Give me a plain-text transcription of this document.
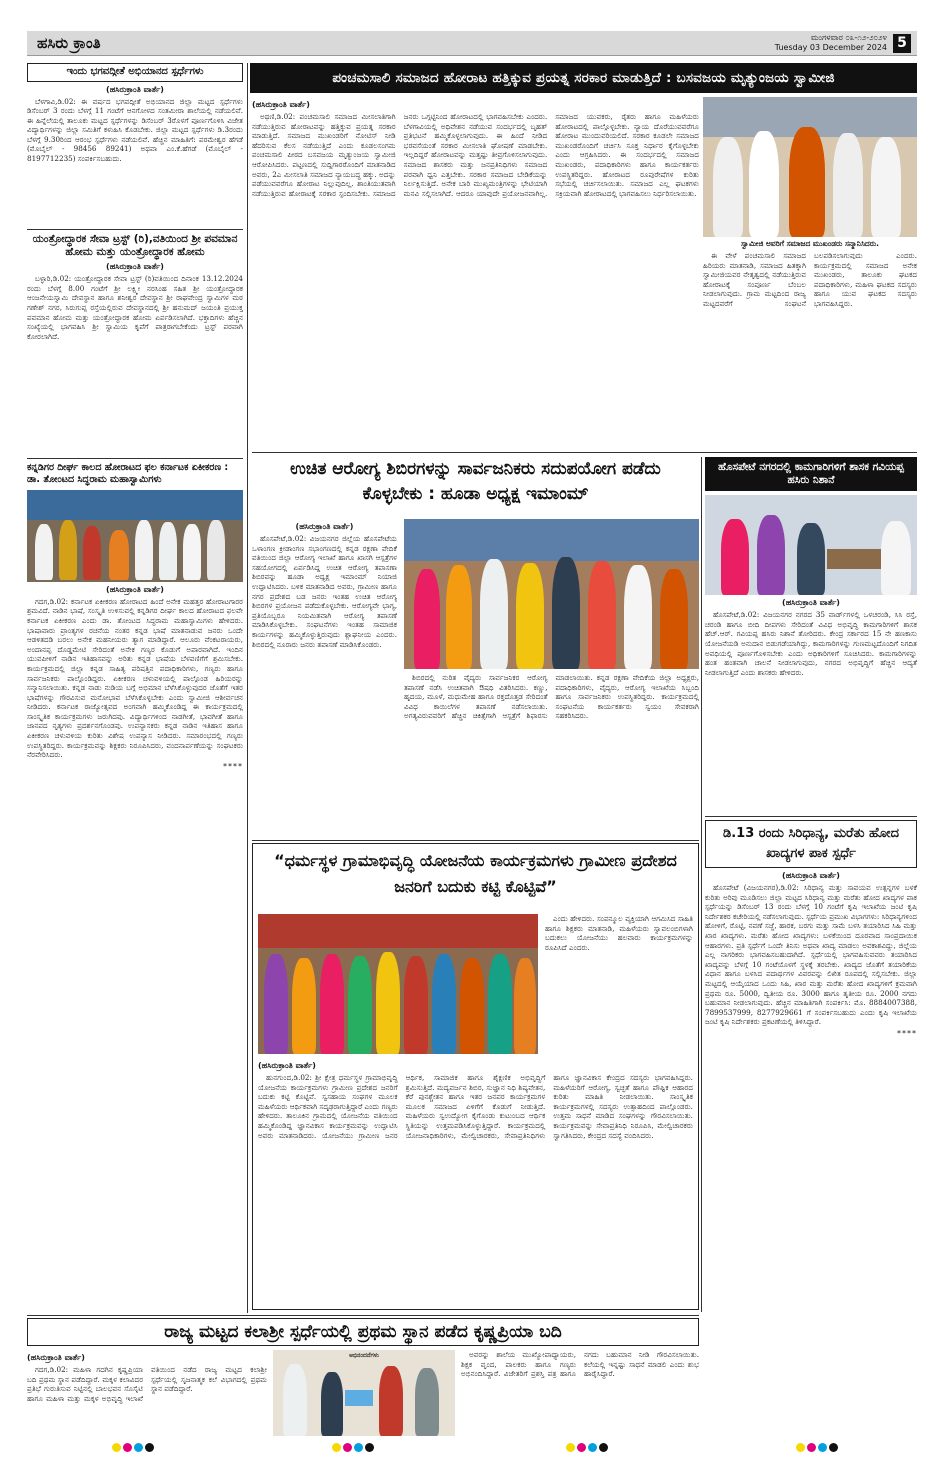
ಹಸಿರು ಕ್ರಾಂತಿ	ಮಂಗಳವಾರ ೦೩-೧೨-೨೦೨೪
Tuesday 03 December 2024 5
ಇಂದು ಭಗವದ್ಗೀತೆ ಅಭಿಯಾನದ ಸ್ಪರ್ಧೆಗಳು
(ಹಸಿರುಕ್ರಾಂತಿ ವಾರ್ತೆ)

ಬೆಳಗಾವಿ,ಡಿ.02: ಈ ವರ್ಷದ ಭಗವದ್ಗೀತೆ ಅಭಿಯಾನದ ಜಿಲ್ಲಾ ಮಟ್ಟದ ಸ್ಪರ್ಧೆಗಳು ಡಿಸೆಂಬರ್ 3 ರಂದು ಬೆಳಗ್ಗೆ 11 ಗಂಟೆಗೆ ಆನಗೋಳದ ಸಂತಮೀರಾ ಶಾಲೆಯಲ್ಲಿ ನಡೆಯಲಿವೆ. ಈ ಹಿನ್ನೆಲೆಯಲ್ಲಿ ತಾಲೂಕು ಮಟ್ಟದ ಸ್ಪರ್ಧೆಗಳನ್ನು ಡಿಸೆಂಬರ್ 3ರೊಳಗೆ ಪೂರ್ಣಗೊಳಿಸಿ ವಿಜೇತ ವಿದ್ಯಾರ್ಥಿಗಳನ್ನು ಜಿಲ್ಲಾ ಸಮಿತಿಗೆ ಕಳುಹಿಸಿ ಕೊಡಬೇಕು. ಜಿಲ್ಲಾ ಮಟ್ಟದ ಸ್ಪರ್ಧೆಗಳು ಡಿ.3ರಂದು ಬೆಳಗ್ಗೆ 9.30ರಿಂದ ಆರಂಭ ಸ್ಪರ್ಧೆಗಳು ನಡೆಯಲಿವೆ. ಹೆಚ್ಚಿನ ಮಾಹಿತಿಗೆ: ಪರಮೇಶ್ವರ ಹೆಗಡೆ (ಮೊಬೈಲ್ - 98456 89241) ಅಥವಾ ಎಂ.ಕೆ.ಹೆಗಡೆ (ಮೊಬೈಲ್ - 8197712235) ಸಂಪರ್ಕಿಸಬಹುದು.

ಯಂತ್ರೋದ್ಧಾರಕ ಸೇವಾ ಟ್ರಸ್ಟ್ (ರಿ),ವತಿಯಿಂದ ಶ್ರೀ ಪವಮಾನ ಹೋಮ ಮತ್ತು ಯಂತ್ರೋದ್ಧಾರಕ ಹೋಮ
(ಹಸಿರುಕ್ರಾಂತಿ ವಾರ್ತೆ)

ಬಳ್ಳಾರಿ,ಡಿ.02: ಯಂತ್ರೋದ್ಧಾರಕ ಸೇವಾ ಟ್ರಸ್ಟ್ (ರಿ)ವತಿಯಿಂದ ದಿನಾಂಕ 13.12.2024 ರಂದು ಬೆಳಗ್ಗೆ 8.00 ಗಂಟೆಗೆ ಶ್ರೀ ಲಕ್ಷ್ಮೀ ನರಸಿಂಹ ಸಹಿತ ಶ್ರೀ ಯಂತ್ರೋದ್ಧಾರಕ ಆಂಜನೇಯಸ್ವಾಮಿ ದೇವಸ್ಥಾನ ಹಾಗೂ ಶನೀಶ್ವರ ದೇವಸ್ಥಾನ ಶ್ರೀ ರಾಘವೇಂದ್ರ ಸ್ವಾಮಿಗಳ ಮಠ ಗಣೇಶ್ ನಗರ, ಸಿರುಗುಪ್ಪ ರಸ್ತೆಯಲ್ಲಿರುವ ದೇವಸ್ಥಾನದಲ್ಲಿ ಶ್ರೀ ಹನುಮದ್ ಜಯಂತಿ ಪ್ರಯುಕ್ತ ಪವಮಾನ ಹೋಮ ಮತ್ತು ಯಂತ್ರೋದ್ಧಾರಕ ಹೋಮ ಏರ್ಪಡಿಸಲಾಗಿದೆ. ಭಕ್ತಾದಿಗಳು ಹೆಚ್ಚಿನ ಸಂಖ್ಯೆಯಲ್ಲಿ ಭಾಗವಹಿಸಿ ಶ್ರೀ ಸ್ವಾಮಿಯ ಕೃಪೆಗೆ ಪಾತ್ರರಾಗಬೇಕೆಂದು ಟ್ರಸ್ಟ್ ಪರವಾಗಿ ಕೋರಲಾಗಿದೆ.

ಕನ್ನಡಿಗರ ದೀರ್ಘ ಕಾಲದ ಹೋರಾಟದ ಫಲ ಕರ್ನಾಟಕ ಏಕೀಕರಣ : ಡಾ. ತೋಂಟದ ಸಿದ್ಧರಾಮ ಮಹಾಸ್ವಾಮಿಗಳು
(ಹಸಿರುಕ್ರಾಂತಿ ವಾರ್ತೆ)

ಗದಗ,ಡಿ.02: ಕರ್ನಾಟಕ ಏಕೀಕರಣ ಹೋರಾಟದ ಹಿಂದೆ ಅನೇಕ ಮಹತ್ತರ ಹೋರಾಟಗಾರರ ಶ್ರಮವಿದೆ. ನಾಡಿನ ಭಾಷೆ, ಸಂಸ್ಕೃತಿ ಉಳಿಸುವಲ್ಲಿ ಕನ್ನಡಿಗರ ದೀರ್ಘ ಕಾಲದ ಹೋರಾಟದ ಫಲವೇ ಕರ್ನಾಟಕ ಏಕೀಕರಣ ಎಂದು ಡಾ. ತೋಂಟದ ಸಿದ್ಧರಾಮ ಮಹಾಸ್ವಾಮಿಗಳು ಹೇಳಿದರು. ಭಾಷಾವಾರು ಪ್ರಾಂತ್ಯಗಳ ರಚನೆಯ ನಂತರ ಕನ್ನಡ ಭಾಷೆ ಮಾತನಾಡುವ ಜನರು ಒಂದೇ ಆಡಳಿತದಡಿ ಬರಲು ಅನೇಕ ಮಹನೀಯರು ತ್ಯಾಗ ಮಾಡಿದ್ದಾರೆ. ಆಲೂರು ವೆಂಕಟರಾಯರು, ಅಂದಾನಪ್ಪ ದೊಡ್ಡಮೇಟಿ ಸೇರಿದಂತೆ ಅನೇಕ ಗಣ್ಯರ ಕೊಡುಗೆ ಅಪಾರವಾಗಿದೆ. ಇಂದಿನ ಯುವಪೀಳಿಗೆ ನಾಡಿನ ಇತಿಹಾಸವನ್ನು ಅರಿತು ಕನ್ನಡ ಭಾಷೆಯ ಬೆಳವಣಿಗೆಗೆ ಶ್ರಮಿಸಬೇಕು. ಕಾರ್ಯಕ್ರಮದಲ್ಲಿ ಜಿಲ್ಲಾ ಕನ್ನಡ ಸಾಹಿತ್ಯ ಪರಿಷತ್ತಿನ ಪದಾಧಿಕಾರಿಗಳು, ಗಣ್ಯರು ಹಾಗೂ ಸಾರ್ವಜನಿಕರು ಪಾಲ್ಗೊಂಡಿದ್ದರು. ಏಕೀಕರಣ ಚಳುವಳಿಯಲ್ಲಿ ಪಾಲ್ಗೊಂಡ ಹಿರಿಯರನ್ನು ಸನ್ಮಾನಿಸಲಾಯಿತು. ಕನ್ನಡ ನಾಡು ನುಡಿಯ ಬಗ್ಗೆ ಅಭಿಮಾನ ಬೆಳೆಸಿಕೊಳ್ಳುವುದರ ಜೊತೆಗೆ ಇತರ ಭಾಷೆಗಳನ್ನು ಗೌರವಿಸುವ ಮನೋಭಾವ ಬೆಳೆಸಿಕೊಳ್ಳಬೇಕು ಎಂದು ಸ್ವಾಮೀಜಿ ಆಶೀರ್ವಚನ ನೀಡಿದರು. ಕರ್ನಾಟಕ ರಾಜ್ಯೋತ್ಸವದ ಅಂಗವಾಗಿ ಹಮ್ಮಿಕೊಂಡಿದ್ದ ಈ ಕಾರ್ಯಕ್ರಮದಲ್ಲಿ ಸಾಂಸ್ಕೃತಿಕ ಕಾರ್ಯಕ್ರಮಗಳು ಜರುಗಿದವು. ವಿದ್ಯಾರ್ಥಿಗಳಿಂದ ನಾಡಗೀತೆ, ಭಾವಗೀತೆ ಹಾಗೂ ಜಾನಪದ ನೃತ್ಯಗಳು ಪ್ರದರ್ಶನಗೊಂಡವು. ಉಪನ್ಯಾಸಕರು ಕನ್ನಡ ನಾಡಿನ ಇತಿಹಾಸ ಹಾಗೂ ಏಕೀಕರಣ ಚಳುವಳಿಯ ಕುರಿತು ವಿಶೇಷ ಉಪನ್ಯಾಸ ನೀಡಿದರು. ಸಮಾರಂಭದಲ್ಲಿ ಗಣ್ಯರು ಉಪಸ್ಥಿತರಿದ್ದರು. ಕಾರ್ಯಕ್ರಮವನ್ನು ಶಿಕ್ಷಕರು ನಿರೂಪಿಸಿದರು, ವಂದನಾರ್ಪಣೆಯನ್ನು ಸಂಘಟಕರು ನೆರವೇರಿಸಿದರು.

****
ಪಂಚಮಸಾಲಿ ಸಮಾಜದ ಹೋರಾಟ ಹತ್ತಿಕ್ಕುವ ಪ್ರಯತ್ನ ಸರಕಾರ ಮಾಡುತ್ತಿದೆ : ಬಸವಜಯ ಮೃತ್ಯುಂಜಯ ಸ್ವಾಮೀಜಿ
(ಹಸಿರುಕ್ರಾಂತಿ ವಾರ್ತೆ)

ಅಥಣಿ,ಡಿ.02: ಪಂಚಮಸಾಲಿ ಸಮಾಜದ ಮೀಸಲಾತಿಗಾಗಿ ನಡೆಯುತ್ತಿರುವ ಹೋರಾಟವನ್ನು ಹತ್ತಿಕ್ಕುವ ಪ್ರಯತ್ನ ಸರಕಾರ ಮಾಡುತ್ತಿದೆ. ಸಮಾಜದ ಮುಖಂಡರಿಗೆ ನೋಟಿಸ್ ನೀಡಿ ಹೆದರಿಸುವ ಕೆಲಸ ನಡೆಯುತ್ತಿದೆ ಎಂದು ಕೂಡಲಸಂಗಮ ಪಂಚಮಸಾಲಿ ಪೀಠದ ಬಸವಜಯ ಮೃತ್ಯುಂಜಯ ಸ್ವಾಮೀಜಿ ಆರೋಪಿಸಿದರು. ಪಟ್ಟಣದಲ್ಲಿ ಸುದ್ದಿಗಾರರೊಂದಿಗೆ ಮಾತನಾಡಿದ ಅವರು, 2ಎ ಮೀಸಲಾತಿ ಸಮಾಜದ ನ್ಯಾಯಬದ್ಧ ಹಕ್ಕು. ಅದನ್ನು ಪಡೆಯುವವರೆಗೂ ಹೋರಾಟ ನಿಲ್ಲುವುದಿಲ್ಲ. ಶಾಂತಿಯುತವಾಗಿ ನಡೆಯುತ್ತಿರುವ ಹೋರಾಟಕ್ಕೆ ಸರಕಾರ ಸ್ಪಂದಿಸಬೇಕು. ಸಮಾಜದ ಜನರು ಒಗ್ಗಟ್ಟಿನಿಂದ ಹೋರಾಟದಲ್ಲಿ ಭಾಗವಹಿಸಬೇಕು ಎಂದರು. ಬೆಳಗಾವಿಯಲ್ಲಿ ಅಧಿವೇಶನ ನಡೆಯುವ ಸಂದರ್ಭದಲ್ಲಿ ಬೃಹತ್ ಪ್ರತಿಭಟನೆ ಹಮ್ಮಿಕೊಳ್ಳಲಾಗುವುದು. ಈ ಹಿಂದೆ ನೀಡಿದ ಭರವಸೆಯಂತೆ ಸರಕಾರ ಮೀಸಲಾತಿ ಘೋಷಣೆ ಮಾಡಬೇಕು. ಇಲ್ಲದಿದ್ದರೆ ಹೋರಾಟವನ್ನು ಮತ್ತಷ್ಟು ತೀವ್ರಗೊಳಿಸಲಾಗುವುದು. ಸಮಾಜದ ಶಾಸಕರು ಮತ್ತು ಜನಪ್ರತಿನಿಧಿಗಳು ಸಮಾಜದ ಪರವಾಗಿ ಧ್ವನಿ ಎತ್ತಬೇಕು. ಸರಕಾರ ಸಮಾಜದ ಬೇಡಿಕೆಯನ್ನು ನಿರ್ಲಕ್ಷಿಸುತ್ತಿದೆ. ಅನೇಕ ಬಾರಿ ಮುಖ್ಯಮಂತ್ರಿಗಳನ್ನು ಭೇಟಿಯಾಗಿ ಮನವಿ ಸಲ್ಲಿಸಲಾಗಿದೆ. ಆದರೂ ಯಾವುದೇ ಪ್ರಯೋಜನವಾಗಿಲ್ಲ. ಸಮಾಜದ ಯುವಕರು, ರೈತರು ಹಾಗೂ ಮಹಿಳೆಯರು ಹೋರಾಟದಲ್ಲಿ ಪಾಲ್ಗೊಳ್ಳಬೇಕು. ನ್ಯಾಯ ದೊರೆಯುವವರೆಗೂ ಹೋರಾಟ ಮುಂದುವರಿಯಲಿದೆ. ಸರಕಾರ ಕೂಡಲೇ ಸಮಾಜದ ಮುಖಂಡರೊಂದಿಗೆ ಚರ್ಚಿಸಿ ಸೂಕ್ತ ನಿರ್ಧಾರ ಕೈಗೊಳ್ಳಬೇಕು ಎಂದು ಆಗ್ರಹಿಸಿದರು. ಈ ಸಂದರ್ಭದಲ್ಲಿ ಸಮಾಜದ ಮುಖಂಡರು, ಪದಾಧಿಕಾರಿಗಳು ಹಾಗೂ ಕಾರ್ಯಕರ್ತರು ಉಪಸ್ಥಿತರಿದ್ದರು. ಹೋರಾಟದ ರೂಪುರೇಷೆಗಳ ಕುರಿತು ಸಭೆಯಲ್ಲಿ ಚರ್ಚಿಸಲಾಯಿತು. ಸಮಾಜದ ಎಲ್ಲ ಘಟಕಗಳು ಸಕ್ರಿಯವಾಗಿ ಹೋರಾಟದಲ್ಲಿ ಭಾಗವಹಿಸಲು ನಿರ್ಧರಿಸಲಾಯಿತು.

ಸ್ವಾಮೀಜಿ ಅವರಿಗೆ ಸಮಾಜದ ಮುಖಂಡರು ಸನ್ಮಾನಿಸಿದರು.

ಈ ವೇಳೆ ಪಂಚಮಸಾಲಿ ಸಮಾಜದ ಹಿರಿಯರು ಮಾತನಾಡಿ, ಸಮಾಜದ ಹಿತಕ್ಕಾಗಿ ಸ್ವಾಮೀಜಿಯವರ ನೇತೃತ್ವದಲ್ಲಿ ನಡೆಯುತ್ತಿರುವ ಹೋರಾಟಕ್ಕೆ ಸಂಪೂರ್ಣ ಬೆಂಬಲ ನೀಡಲಾಗುವುದು. ಗ್ರಾಮ ಮಟ್ಟದಿಂದ ರಾಜ್ಯ ಮಟ್ಟದವರೆಗೆ ಸಂಘಟನೆ ಬಲಪಡಿಸಲಾಗುವುದು ಎಂದರು. ಕಾರ್ಯಕ್ರಮದಲ್ಲಿ ಸಮಾಜದ ಅನೇಕ ಮುಖಂಡರು, ತಾಲೂಕು ಘಟಕದ ಪದಾಧಿಕಾರಿಗಳು, ಮಹಿಳಾ ಘಟಕದ ಸದಸ್ಯರು ಹಾಗೂ ಯುವ ಘಟಕದ ಸದಸ್ಯರು ಭಾಗವಹಿಸಿದ್ದರು.

ಉಚಿತ ಆರೋಗ್ಯ ಶಿಬಿರಗಳನ್ನು ಸಾರ್ವಜನಿಕರು ಸದುಪಯೋಗ ಪಡೆದು ಕೊಳ್ಳಬೇಕು : ಹೂಡಾ ಅಧ್ಯಕ್ಷ ಇಮಾಂಮ್
(ಹಸಿರುಕ್ರಾಂತಿ ವಾರ್ತೆ)

ಹೊಸಪೇಟೆ,ಡಿ.02: ವಿಜಯನಗರ ಜಿಲ್ಲೆಯ ಹೊಸಪೇಟೆಯ ಒಳಾಂಗಣ ಕ್ರೀಡಾಂಗಣ ಸಭಾಂಗಣದಲ್ಲಿ ಕನ್ನಡ ರಕ್ಷಣಾ ವೇದಿಕೆ ವತಿಯಿಂದ ಜಿಲ್ಲಾ ಆರೋಗ್ಯ ಇಲಾಖೆ ಹಾಗೂ ಖಾಸಗಿ ಆಸ್ಪತ್ರೆಗಳ ಸಹಯೋಗದಲ್ಲಿ ಏರ್ಪಡಿಸಿದ್ದ ಉಚಿತ ಆರೋಗ್ಯ ತಪಾಸಣಾ ಶಿಬಿರವನ್ನು ಹೂಡಾ ಅಧ್ಯಕ್ಷ ಇಮಾಂಮ್ ನಿಯಾಜಿ ಉದ್ಘಾಟಿಸಿದರು. ಬಳಿಕ ಮಾತನಾಡಿದ ಅವರು, ಗ್ರಾಮೀಣ ಹಾಗೂ ನಗರ ಪ್ರದೇಶದ ಬಡ ಜನರು ಇಂತಹ ಉಚಿತ ಆರೋಗ್ಯ ಶಿಬಿರಗಳ ಪ್ರಯೋಜನ ಪಡೆದುಕೊಳ್ಳಬೇಕು. ಆರೋಗ್ಯವೇ ಭಾಗ್ಯ, ಪ್ರತಿಯೊಬ್ಬರೂ ನಿಯಮಿತವಾಗಿ ಆರೋಗ್ಯ ತಪಾಸಣೆ ಮಾಡಿಸಿಕೊಳ್ಳಬೇಕು. ಸಂಘಟನೆಗಳು ಇಂತಹ ಸಾಮಾಜಿಕ ಕಾರ್ಯಗಳನ್ನು ಹಮ್ಮಿಕೊಳ್ಳುತ್ತಿರುವುದು ಶ್ಲಾಘನೀಯ ಎಂದರು. ಶಿಬಿರದಲ್ಲಿ ನೂರಾರು ಜನರು ತಪಾಸಣೆ ಮಾಡಿಸಿಕೊಂಡರು.

ಶಿಬಿರದಲ್ಲಿ ನುರಿತ ವೈದ್ಯರು ಸಾರ್ವಜನಿಕರ ಆರೋಗ್ಯ ತಪಾಸಣೆ ನಡೆಸಿ ಉಚಿತವಾಗಿ ಔಷಧಿ ವಿತರಿಸಿದರು. ಕಣ್ಣು, ಹೃದಯ, ಮೂಳೆ, ಮಧುಮೇಹ ಹಾಗೂ ರಕ್ತದೊತ್ತಡ ಸೇರಿದಂತೆ ವಿವಿಧ ಕಾಯಿಲೆಗಳ ತಪಾಸಣೆ ನಡೆಸಲಾಯಿತು. ಅಗತ್ಯವಿರುವವರಿಗೆ ಹೆಚ್ಚಿನ ಚಿಕಿತ್ಸೆಗಾಗಿ ಆಸ್ಪತ್ರೆಗೆ ಶಿಫಾರಸು ಮಾಡಲಾಯಿತು. ಕನ್ನಡ ರಕ್ಷಣಾ ವೇದಿಕೆಯ ಜಿಲ್ಲಾ ಅಧ್ಯಕ್ಷರು, ಪದಾಧಿಕಾರಿಗಳು, ವೈದ್ಯರು, ಆರೋಗ್ಯ ಇಲಾಖೆಯ ಸಿಬ್ಬಂದಿ ಹಾಗೂ ಸಾರ್ವಜನಿಕರು ಉಪಸ್ಥಿತರಿದ್ದರು. ಕಾರ್ಯಕ್ರಮದಲ್ಲಿ ಸಂಘಟನೆಯ ಕಾರ್ಯಕರ್ತರು ಸ್ವಯಂ ಸೇವಕರಾಗಿ ಸಹಕರಿಸಿದರು.

ಹೊಸಪೇಟೆ ನಗರದಲ್ಲಿ ಕಾಮಗಾರಿಗಳಿಗೆ ಶಾಸಕ ಗವಿಯಪ್ಪ ಹಸಿರು ನಿಶಾನೆ
(ಹಸಿರುಕ್ರಾಂತಿ ವಾರ್ತೆ)

ಹೊಸಪೇಟೆ,ಡಿ.02: ವಿಜಯನಗರ ನಗರದ 35 ವಾರ್ಡ್‌ಗಳಲ್ಲಿ ಒಳಚರಂಡಿ, ಸಿಸಿ ರಸ್ತೆ, ಚರಂಡಿ ಹಾಗೂ ಬೀದಿ ದೀಪಗಳು ಸೇರಿದಂತೆ ವಿವಿಧ ಅಭಿವೃದ್ಧಿ ಕಾಮಗಾರಿಗಳಿಗೆ ಶಾಸಕ ಹೆಚ್.ಆರ್. ಗವಿಯಪ್ಪ ಹಸಿರು ನಿಶಾನೆ ತೋರಿದರು. ಕೇಂದ್ರ ಸರ್ಕಾರದ 15 ನೇ ಹಣಕಾಸು ಯೋಜನೆಯಡಿ ಅನುದಾನ ಬಿಡುಗಡೆಯಾಗಿದ್ದು, ಕಾಮಗಾರಿಗಳನ್ನು ಗುಣಮಟ್ಟದೊಂದಿಗೆ ನಿಗದಿತ ಅವಧಿಯಲ್ಲಿ ಪೂರ್ಣಗೊಳಿಸಬೇಕು ಎಂದು ಅಧಿಕಾರಿಗಳಿಗೆ ಸೂಚಿಸಿದರು. ಕಾಮಗಾರಿಗಳನ್ನು ಹಂತ ಹಂತವಾಗಿ ಚಾಲನೆ ನೀಡಲಾಗುವುದು, ನಗರದ ಅಭಿವೃದ್ಧಿಗೆ ಹೆಚ್ಚಿನ ಆದ್ಯತೆ ನೀಡಲಾಗುತ್ತಿದೆ ಎಂದು ಶಾಸಕರು ಹೇಳಿದರು.

ಡಿ.13 ರಂದು ಸಿರಿಧಾನ್ಯ, ಮರೆತು ಹೋದ ಖಾದ್ಯಗಳ ಪಾಕ ಸ್ಪರ್ಧೆ
(ಹಸಿರುಕ್ರಾಂತಿ ವಾರ್ತೆ)

ಹೊಸಪೇಟೆ (ವಿಜಯನಗರ),ಡಿ.02: ಸಿರಿಧಾನ್ಯ ಮತ್ತು ಸಾವಯವ ಉತ್ಪನ್ನಗಳ ಬಳಕೆ ಕುರಿತು ಅರಿವು ಮೂಡಿಸಲು ಜಿಲ್ಲಾ ಮಟ್ಟದ ಸಿರಿಧಾನ್ಯ ಮತ್ತು ಮರೆತು ಹೋದ ಖಾದ್ಯಗಳ ಪಾಕ ಸ್ಪರ್ಧೆಯನ್ನು ಡಿಸೆಂಬರ್ 13 ರಂದು ಬೆಳಗ್ಗೆ 10 ಗಂಟೆಗೆ ಕೃಷಿ ಇಲಾಖೆಯ ಜಂಟಿ ಕೃಷಿ ನಿರ್ದೇಶಕರ ಕಚೇರಿಯಲ್ಲಿ ನಡೆಸಲಾಗುವುದು. ಸ್ಪರ್ಧೆಯ ಪ್ರಮುಖ ವಿಭಾಗಗಳು: ಸಿರಿಧಾನ್ಯಗಳಿಂದ ಹೋಳಿಗೆ, ರೊಟ್ಟಿ, ನವಣೆ ಸಜ್ಜೆ, ಹಾರಕ, ಬರಗು ಮತ್ತು ಸಾಮೆ ಬಳಸಿ ತಯಾರಿಸಿದ ಸಿಹಿ ಮತ್ತು ಖಾರ ಖಾದ್ಯಗಳು. ಮರೆತು ಹೋದ ಖಾದ್ಯಗಳು: ಬಳಕೆಯಿಂದ ದೂರವಾದ ಸಾಂಪ್ರದಾಯಿಕ ಆಹಾರಗಳು. ಪ್ರತಿ ಸ್ಪರ್ಧೆಗೆ ಒಂದೇ ತಿನಿಸು ಅಥವಾ ಖಾದ್ಯ ಮಾಡಲು ಅವಕಾಶವಿದ್ದು, ಜಿಲ್ಲೆಯ ಎಲ್ಲ ನಾಗರಿಕರು ಭಾಗವಹಿಸಬಹುದಾಗಿದೆ. ಸ್ಪರ್ಧೆಯಲ್ಲಿ ಭಾಗವಹಿಸುವವರು ತಯಾರಿಸಿದ ಖಾದ್ಯವನ್ನು ಬೆಳಗ್ಗೆ 10 ಗಂಟೆಯೊಳಗೆ ಸ್ಥಳಕ್ಕೆ ತರಬೇಕು. ಖಾದ್ಯದ ಜೊತೆಗೆ ತಯಾರಿಕೆಯ ವಿಧಾನ ಹಾಗೂ ಬಳಸಿದ ಪದಾರ್ಥಗಳ ವಿವರವನ್ನು ಲಿಖಿತ ರೂಪದಲ್ಲಿ ಸಲ್ಲಿಸಬೇಕು. ಜಿಲ್ಲಾ ಮಟ್ಟದಲ್ಲಿ ಆಯ್ಕೆಯಾದ ಒಂದು ಸಿಹಿ, ಖಾರ ಮತ್ತು ಮರೆತು ಹೋದ ಖಾದ್ಯಗಳಿಗೆ ಕ್ರಮವಾಗಿ ಪ್ರಥಮ ರೂ. 5000, ದ್ವಿತೀಯ ರೂ. 3000 ಹಾಗೂ ತೃತೀಯ ರೂ. 2000 ನಗದು ಬಹುಮಾನ ನೀಡಲಾಗುವುದು. ಹೆಚ್ಚಿನ ಮಾಹಿತಿಗಾಗಿ ಸಂಪರ್ಕಿಸಿ: ಮೊ. 8884007388, 7899537999, 8277929661 ಗೆ ಸಂಪರ್ಕಿಸಬಹುದು ಎಂದು ಕೃಷಿ ಇಲಾಖೆಯ ಜಂಟಿ ಕೃಷಿ ನಿರ್ದೇಶಕರು ಪ್ರಕಟಣೆಯಲ್ಲಿ ತಿಳಿಸಿದ್ದಾರೆ.

****
“ಧರ್ಮಸ್ಥಳ ಗ್ರಾಮಾಭಿವೃದ್ಧಿ ಯೋಜನೆಯ ಕಾರ್ಯಕ್ರಮಗಳು ಗ್ರಾಮೀಣ ಪ್ರದೇಶದ ಜನರಿಗೆ ಬದುಕು ಕಟ್ಟಿ ಕೊಟ್ಟಿವೆ”

ಎಂದು ಹೇಳಿದರು. ಸಂಪನ್ಮೂಲ ವ್ಯಕ್ತಿಯಾಗಿ ಆಗಮಿಸಿದ ಸಾಹಿತಿ ಹಾಗೂ ಶಿಕ್ಷಕರು ಮಾತನಾಡಿ, ಮಹಿಳೆಯರು ಸ್ವಾವಲಂಬಿಗಳಾಗಿ ಬದುಕಲು ಯೋಜನೆಯು ಹಲವಾರು ಕಾರ್ಯಕ್ರಮಗಳನ್ನು ರೂಪಿಸಿದೆ ಎಂದರು.

(ಹಸಿರುಕ್ರಾಂತಿ ವಾರ್ತೆ)

ಹುನಗುಂದ,ಡಿ.02: ಶ್ರೀ ಕ್ಷೇತ್ರ ಧರ್ಮಸ್ಥಳ ಗ್ರಾಮಾಭಿವೃದ್ಧಿ ಯೋಜನೆಯ ಕಾರ್ಯಕ್ರಮಗಳು ಗ್ರಾಮೀಣ ಪ್ರದೇಶದ ಜನರಿಗೆ ಬದುಕು ಕಟ್ಟಿ ಕೊಟ್ಟಿವೆ. ಸ್ವಸಹಾಯ ಸಂಘಗಳ ಮೂಲಕ ಮಹಿಳೆಯರು ಆರ್ಥಿಕವಾಗಿ ಸದೃಢರಾಗುತ್ತಿದ್ದಾರೆ ಎಂದು ಗಣ್ಯರು ಹೇಳಿದರು. ತಾಲೂಕಿನ ಗ್ರಾಮದಲ್ಲಿ ಯೋಜನೆಯ ವತಿಯಿಂದ ಹಮ್ಮಿಕೊಂಡಿದ್ದ ಜ್ಞಾನವಿಕಾಸ ಕಾರ್ಯಕ್ರಮವನ್ನು ಉದ್ಘಾಟಿಸಿ ಅವರು ಮಾತನಾಡಿದರು. ಯೋಜನೆಯು ಗ್ರಾಮೀಣ ಜನರ ಆರ್ಥಿಕ, ಸಾಮಾಜಿಕ ಹಾಗೂ ಶೈಕ್ಷಣಿಕ ಅಭಿವೃದ್ಧಿಗೆ ಶ್ರಮಿಸುತ್ತಿದೆ. ಮದ್ಯವರ್ಜನ ಶಿಬಿರ, ಸುಜ್ಞಾನ ನಿಧಿ ಶಿಷ್ಯವೇತನ, ಕೆರೆ ಪುನಶ್ಚೇತನ ಹಾಗೂ ಇತರ ಜನಪರ ಕಾರ್ಯಕ್ರಮಗಳ ಮೂಲಕ ಸಮಾಜದ ಏಳಿಗೆಗೆ ಕೊಡುಗೆ ನೀಡುತ್ತಿದೆ. ಮಹಿಳೆಯರು ಸ್ವಉದ್ಯೋಗ ಕೈಗೊಂಡು ಕುಟುಂಬದ ಆರ್ಥಿಕ ಸ್ಥಿತಿಯನ್ನು ಉತ್ತಮಪಡಿಸಿಕೊಳ್ಳುತ್ತಿದ್ದಾರೆ. ಕಾರ್ಯಕ್ರಮದಲ್ಲಿ ಯೋಜನಾಧಿಕಾರಿಗಳು, ಮೇಲ್ವಿಚಾರಕರು, ಸೇವಾಪ್ರತಿನಿಧಿಗಳು ಹಾಗೂ ಜ್ಞಾನವಿಕಾಸ ಕೇಂದ್ರದ ಸದಸ್ಯರು ಭಾಗವಹಿಸಿದ್ದರು. ಮಹಿಳೆಯರಿಗೆ ಆರೋಗ್ಯ, ಸ್ವಚ್ಛತೆ ಹಾಗೂ ಪೌಷ್ಟಿಕ ಆಹಾರದ ಕುರಿತು ಮಾಹಿತಿ ನೀಡಲಾಯಿತು. ಸಾಂಸ್ಕೃತಿಕ ಕಾರ್ಯಕ್ರಮಗಳಲ್ಲಿ ಸದಸ್ಯರು ಉತ್ಸಾಹದಿಂದ ಪಾಲ್ಗೊಂಡರು. ಉತ್ತಮ ಸಾಧನೆ ಮಾಡಿದ ಸಂಘಗಳನ್ನು ಗೌರವಿಸಲಾಯಿತು. ಕಾರ್ಯಕ್ರಮವನ್ನು ಸೇವಾಪ್ರತಿನಿಧಿ ನಿರೂಪಿಸಿ, ಮೇಲ್ವಿಚಾರಕರು ಸ್ವಾಗತಿಸಿದರು, ಕೇಂದ್ರದ ಸದಸ್ಯೆ ವಂದಿಸಿದರು.

ರಾಜ್ಯ ಮಟ್ಟದ ಕಲಾಶ್ರೀ ಸ್ಪರ್ಧೆಯಲ್ಲಿ ಪ್ರಥಮ ಸ್ಥಾನ ಪಡೆದ ಕೃಷ್ಣಪ್ರಿಯಾ ಬದಿ
(ಹಸಿರುಕ್ರಾಂತಿ ವಾರ್ತೆ)

ಗದಗ,ಡಿ.02: ಮಹಿಳಾ ಗದಗಿನ ಕೃಷ್ಣಪ್ರಿಯಾ ಬದಿ ಪ್ರಥಮ ಸ್ಥಾನ ಪಡೆದಿದ್ದಾರೆ. ಮಕ್ಕಳ ಕಲಾವಿದರ ಪ್ರತಿಭೆ ಗುರುತಿಸುವ ನಿಟ್ಟಿನಲ್ಲಿ ಬಾಲಭವನ ಸೊಸೈಟಿ ಹಾಗೂ ಮಹಿಳಾ ಮತ್ತು ಮಕ್ಕಳ ಅಭಿವೃದ್ಧಿ ಇಲಾಖೆ ವತಿಯಿಂದ ನಡೆದ ರಾಜ್ಯ ಮಟ್ಟದ ಕಲಾಶ್ರೀ ಸ್ಪರ್ಧೆಯಲ್ಲಿ ಸೃಜನಾತ್ಮಕ ಕಲೆ ವಿಭಾಗದಲ್ಲಿ ಪ್ರಥಮ ಸ್ಥಾನ ಪಡೆದಿದ್ದಾರೆ.

ಅಭಿನಂದನೆಗಳು	ಅವರನ್ನು ಶಾಲೆಯ ಮುಖ್ಯೋಪಾಧ್ಯಾಯರು, ಶಿಕ್ಷಕ ವೃಂದ, ಪಾಲಕರು ಹಾಗೂ ಗಣ್ಯರು ಅಭಿನಂದಿಸಿದ್ದಾರೆ. ವಿಜೇತರಿಗೆ ಪ್ರಶಸ್ತಿ ಪತ್ರ ಹಾಗೂ ನಗದು ಬಹುಮಾನ ನೀಡಿ ಗೌರವಿಸಲಾಯಿತು. ಕಲೆಯಲ್ಲಿ ಇನ್ನಷ್ಟು ಸಾಧನೆ ಮಾಡಲಿ ಎಂದು ಶುಭ ಹಾರೈಸಿದ್ದಾರೆ.
